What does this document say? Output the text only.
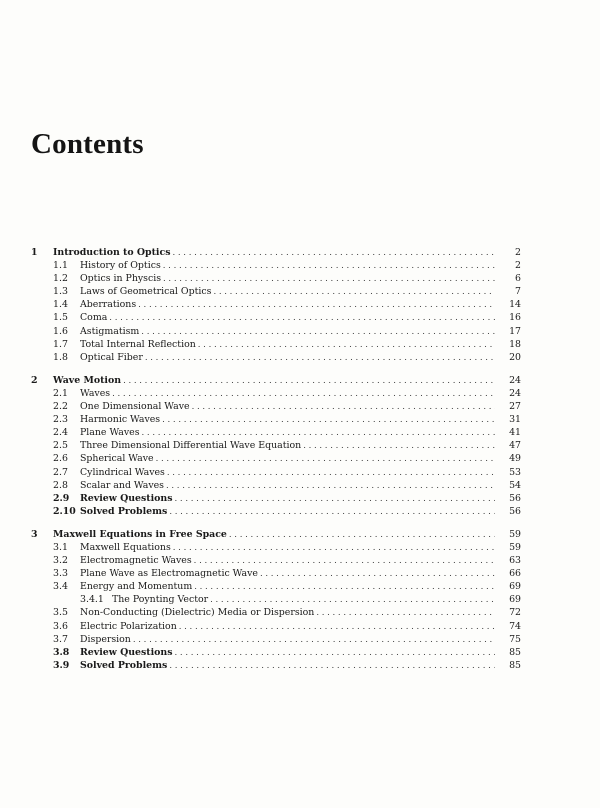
Contents
1	Introduction to Optics . . .	2
1.1	History of Optics . . .	2
1.2	Optics in Physcis . . .	6
1.3	Laws of Geometrical Optics . . .	7
1.4	Aberrations . . .	14
1.5	Coma . . .	16
1.6	Astigmatism . . .	17
1.7	Total Internal Reflection . . .	18
1.8	Optical Fiber . . .	20
2	Wave Motion . . .	24
2.1	Waves . . .	24
2.2	One Dimensional Wave . . .	27
2.3	Harmonic Waves . . .	31
2.4	Plane Waves . . .	41
2.5	Three Dimensional Differential Wave Equation . . .	47
2.6	Spherical Wave . . .	49
2.7	Cylindrical Waves . . .	53
2.8	Scalar and Waves . . .	54
2.9	Review Questions . . .	56
2.10 Solved Problems . . .	56
3	Maxwell Equations in Free Space . . .	59
3.1	Maxwell Equations . . .	59
3.2	Electromagnetic Waves . . .	63
3.3	Plane Wave as Electromagnetic Wave . . .	66
3.4	Energy and Momentum . . .	69
3.4.1 The Poynting Vector . . .	69
3.5	Non-Conducting (Dielectric) Media or Dispersion . . .	72
3.6	Electric Polarization . . .	74
3.7	Dispersion . . .	75
3.8	Review Questions . . .	85
3.9	Solved Problems . . .	85
